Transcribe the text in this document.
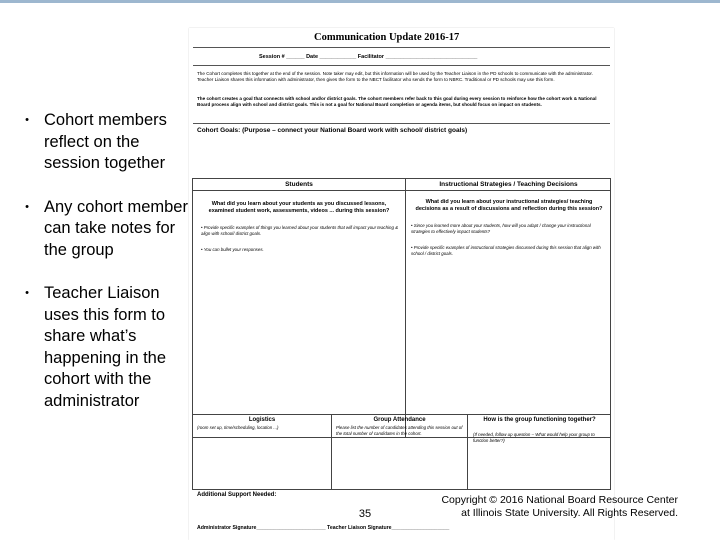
• Cohort members reflect on the session together
• Any cohort member can take notes for the group
• Teacher Liaison uses this form to share what’s happening in the cohort with the administrator
Communication Update 2016-17
Session # ______ Date ____________ Facilitator ______________________________
The Cohort completes this together at the end of the session. Note taker may edit, but this information will be used by the Teacher Liaison in the PD schools to communicate with the administrator. Teacher Liaison shares this information with administrator, then gives the form to the NBCT facilitator who sends the form to NBRC. Traditional or PD schools may use this form.
The cohort creates a goal that connects with school and/or district goals. The cohort members refer back to this goal during every session to reinforce how the cohort work & National Board process align with school and district goals. This is not a goal for National Board completion or agenda items, but should focus on impact on students.
Cohort Goals: (Purpose – connect your National Board work with school/ district goals)
Students	Instructional Strategies / Teaching Decisions
What did you learn about your students as you discussed lessons, examined student work, assessments, videos ... during this session?
• Provide specific examples of things you learned about your students that will impact your teaching & align with school/ district goals.
• You can bullet your responses.
What did you learn about your instructional strategies/ teaching decisions as a result of discussions and reflection during this session?
• Since you learned more about your students, how will you adapt / change your instructional strategies to effectively impact students?
• Provide specific examples of instructional strategies discussed during this session that align with school / district goals.
Logistics
(room set up, time/scheduling, location ...)
Group Attendance
Please list the number of candidates attending this session out of the total number of candidates in the cohort.
How is the group functioning together?
(If needed, follow up question – What would help your group to function better?)
Additional Support Needed:
Administrator Signature________________________ Teacher Liaison Signature____________________
35
Copyright © 2016 National Board Resource Center at Illinois State University. All Rights Reserved.
